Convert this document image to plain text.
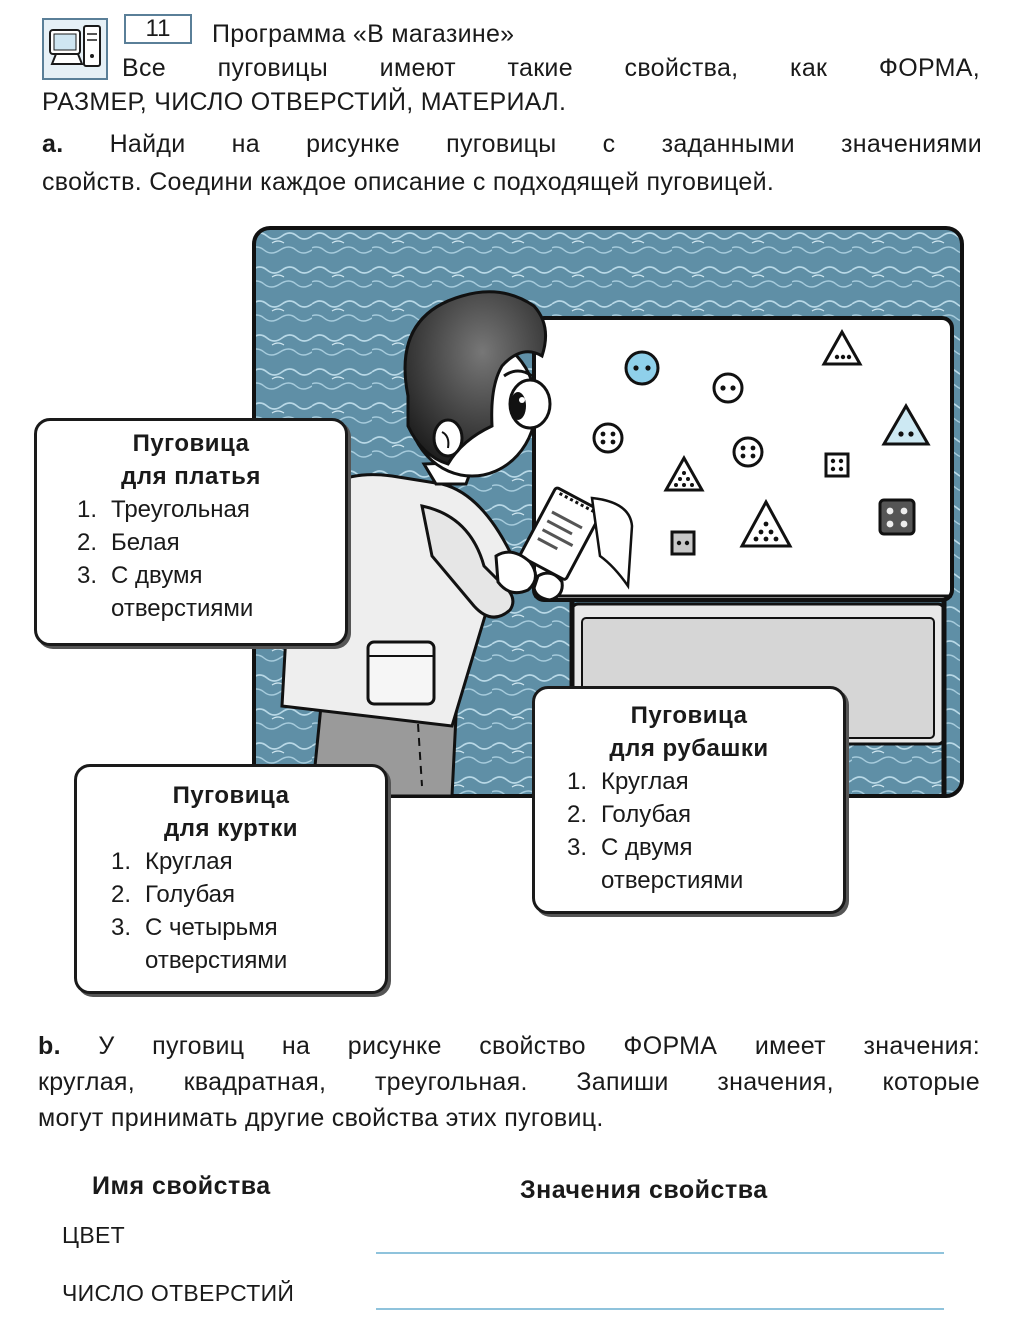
11	Программа «В магазине»
Все пуговицы имеют такие свойства, как ФОРМА,
РАЗМЕР, ЧИСЛО ОТВЕРСТИЙ, МАТЕРИАЛ.
a. Найди на рисунке пуговицы с заданными значениями
свойств. Соедини каждое описание с подходящей пуговицей.
Пуговица
для платья
1. Треугольная
2. Белая
3. С двумя
отверстиями
Пуговица
для рубашки
1. Круглая
2. Голубая
3. С двумя
отверстиями
Пуговица
для куртки
1. Круглая
2. Голубая
3. С четырьмя
отверстиями
b. У пуговиц на рисунке свойство ФОРМА имеет значения:
круглая, квадратная, треугольная. Запиши значения, которые
могут принимать другие свойства этих пуговиц.
Имя свойства	Значения свойства
ЦВЕТ
ЧИСЛО ОТВЕРСТИЙ
